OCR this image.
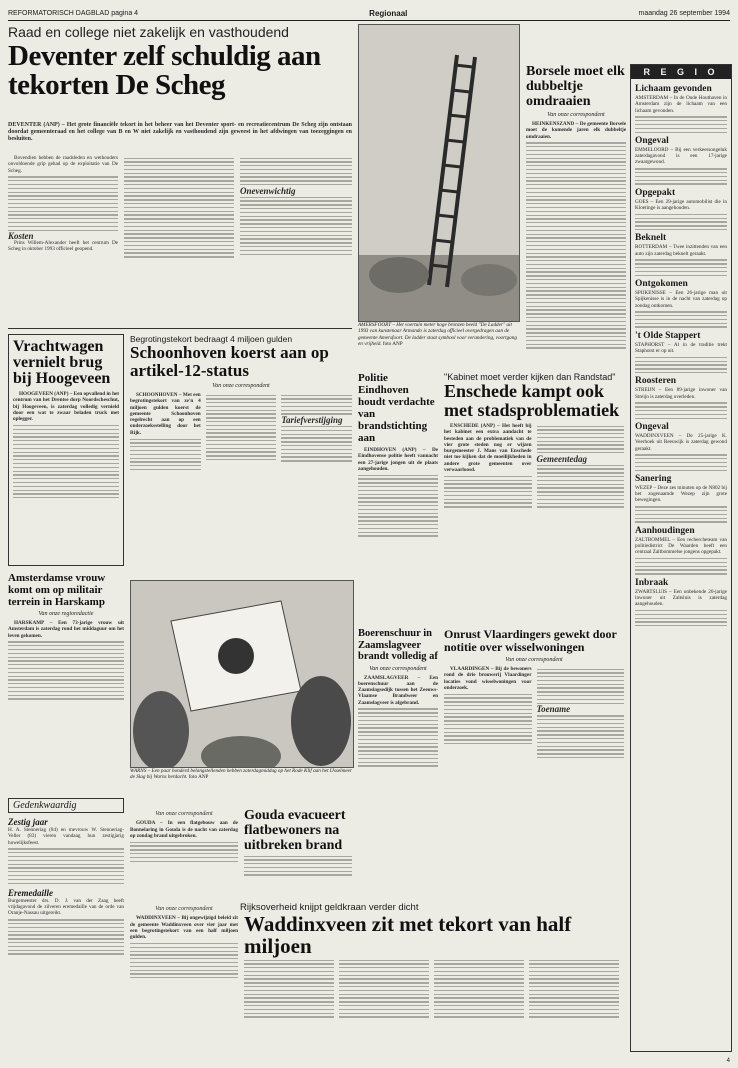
REFORMATORISCH DAGBLAD pagina 4	Regionaal	maandag 26 september 1994
Raad en college niet zakelijk en vasthoudend
Deventer zelf schuldig aan tekorten De Scheg

DEVENTER (ANP) – Het grote financiële tekort in het beheer van het Deventer sport- en recreatiecentrum De Scheg zijn ontstaan doordat gemeenteraad en het college van B en W niet zakelijk en vasthoudend zijn geweest in het afdwingen van toezeggingen en besluiten.

Bovendien hebben de raadsleden en wethouders onvoldoende grip gehad op de exploitatie van De Scheg.

Kosten

Prins Willem-Alexander heeft het centrum De Scheg in oktober 1993 officieel geopend.

Onevenwichtig
AMERSFOORT – Het voertuin meter hoge bronzen beeld "De Ladder" uit 1993 van kunstenaar Armando is zaterdag officieel overgedragen aan de gemeente Amersfoort. De ladder staat symbool voor verandering, voortgang en vrijheid. foto ANP
Borsele moet elk dubbeltje omdraaien
Van onze correspondent

HEINKENSZAND – De gemeente Borsele moet de komende jaren elk dubbeltje omdraaien.

R E G I O
Lichaam gevonden
AMSTERDAM – In de Oude Houthaven in Amsterdam zijn de lichaam van een lichaam gevonden.
Ongeval
EMMELOORD – Bij een verkeersongeluk zaterdagavond is een 17-jarige zwaargewond.
Opgepakt
GOES – Een 29-jarige automobilist die in Kloetinge is aangehouden.
Beknelt
ROTTERDAM – Twee inzittenden van een auto zijn zaterdag beknelt geraakt.
Ontgokomen
SPIJKENISSE – Een 26-jarige man uit Spijkenisse is in de nacht van zaterdag op zondag ontkomen.
't Olde Stappert
STAPHORST – Al in de traditie trekt Staphorst er op uit.
Roosteren
STREIJN – Een 89-jarige inwoner van Streijn is zaterdag overleden.
Ongeval
WADDINXVEEN – De 25-jarige K. Veerhoek uit Reeuwijk is zaterdag gewond geraakt.
Sanering
WEZEP – Deze zes minuten op de N802 bij het zogenaamde Wezep zijn grote bewegingen.
Aanhoudingen
ZALTBOMMEL – Een rechercheteam van politiedistrict De Waarden heeft een centraal Zaltbommelse jongens opgepakt.
Inbraak
ZWARTSLUIS – Een onbekende 20-jarige inwoner uit Zaltsluis is zaterdag aangehouden.
Vrachtwagen vernielt brug bij Hoogeveen

HOOGEVEEN (ANP) – Een opvallend in het centrum van het Drentse dorp Noordscheschut, bij Hoogeveen, is zaterdag volledig vernield door een wat te zwaar beladen truck met oplegger.

Begrotingstekort bedraagt 4 miljoen gulden
Schoonhoven koerst aan op artikel-12-status
Van onze correspondent

SCHOONHOVEN – Met een begrotingstekort van ze'n 4 miljoen gulden koerst de gemeente Schoonhoven regelrecht aan op een onderzoeksstelling door het Rijk.

Tariefverstijging
Politie Eindhoven houdt verdachte van brandstichting aan

EINDHOVEN (ANP) – De Eindhovense politie heeft vannacht een 27-jarige jongen uit de plaats aangehouden.

"Kabinet moet verder kijken dan Randstad"
Enschede kampt ook met stadsproblematiek

ENSCHEDE (ANP) – Het heeft bij het kabinet een extra aandacht te besteden aan de problematiek van de vier grote steden nog er wijzen burgemeester J. Mans van Enschede niet toe kijken dat de moeilijkheden in andere grote gemeenten over verwaarloosd.

Gemeentedag
Amsterdamse vrouw komt om op militair terrein in Harskamp
Van onze regioredactie

HARSKAMP – Een 73-jarige vrouw uit Amsterdam is zaterdag rond het middaguur om het leven gekomen.

WARNS – Een paar honderd belangstellenden hebben zaterdagmiddag op het Rode Klif aan het IJsselmeer de Slag bij Warns herdacht. foto ANP
Boerenschuur in Zaamslagveer brandt volledig af
Van onze correspondent

ZAAMSLAGVEER – Een boerenschuur aan de Zaamslagsedijk tussen het Zeeuws-Vlaamse Brandweer en Zaamslagveer is afgebrand.

Onrust Vlaardingers gewekt door notitie over wisselwoningen
Van onze correspondent

VLAARDINGEN – Bij de bewoners rond de drie brouwerij Vlaardinger locaties vond wisselwoningen voor onderzoek.

Toename
Gedenkwaardig
Zestig jaar
H. A. Stenneriag (84) en mevrouw W. Stenneriag-Veller (83) vieren vandaag hun zestigjarig huwelijksfeest.
Eremedaille
Burgemeester drs. D. J. van der Zaag heeft vrijdagavond de zilveren eremedaille van de orde van Oranje-Nassau uitgereikt.
Van onze correspondent

GOUDA – In een flatgebouw aan de Bonnelaring in Gouda is de nacht van zaterdag op zondag brand uitgebroken.

Gouda evacueert flatbewoners na uitbreken brand
Rijksoverheid knijpt geldkraan verder dicht
Van onze correspondent

WADDINXVEEN – Bij ongewijzigd beleid zit de gemeente Waddinxveen over vier jaar met een begrotingstekort van een half miljoen gulden.

Waddinxveen zit met tekort van half miljoen
4
